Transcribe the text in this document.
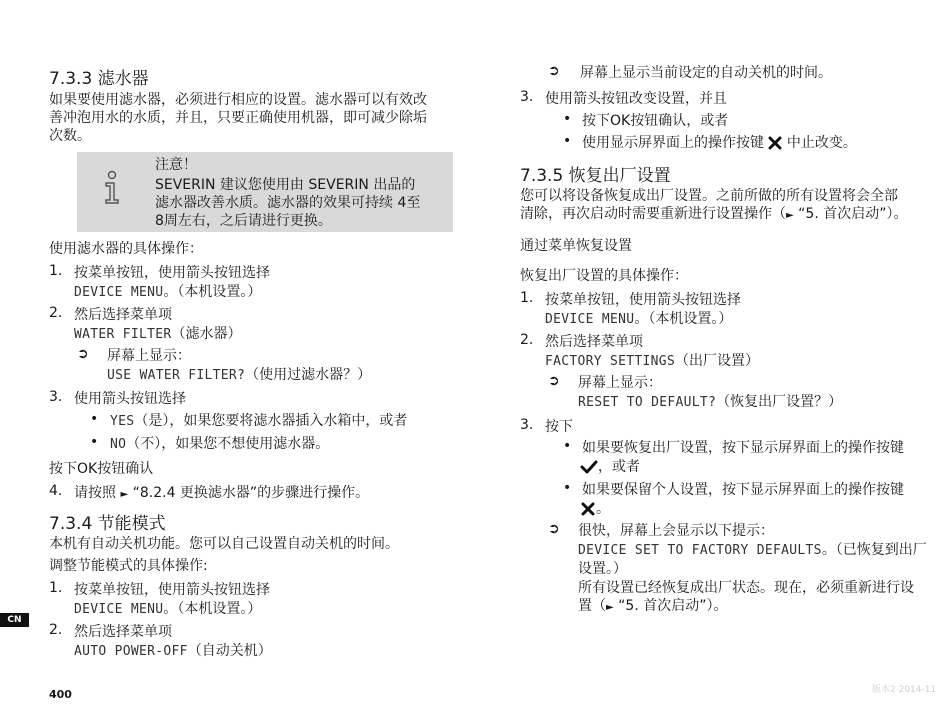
7.3.3 滤水器
如果要使用滤水器，必须进行相应的设置。滤水器可以有效改
善冲泡用水的水质，并且，只要正确使用机器，即可减少除垢
次数。
注意！
SEVERIN 建议您使用由 SEVERIN 出品的
滤水器改善水质。滤水器的效果可持续 4至
8周左右，之后请进行更换。
使用滤水器的具体操作：
1. 按菜单按钮，使用箭头按钮选择
DEVICE MENU。（本机设置。）
2. 然后选择菜单项
WATER FILTER（滤水器）
➲ 屏幕上显示：
USE WATER FILTER?（使用过滤水器？）
3. 使用箭头按钮选择
• YES（是），如果您要将滤水器插入水箱中，或者
• NO（不），如果您不想使用滤水器。
按下OK按钮确认
4. 请按照 ► “8.2.4 更换滤水器”的步骤进行操作。
7.3.4 节能模式
本机有自动关机功能。您可以自己设置自动关机的时间。
调整节能模式的具体操作:
1. 按菜单按钮，使用箭头按钮选择
DEVICE MENU。（本机设置。）
2. 然后选择菜单项
AUTO POWER-OFF（自动关机）
➲ 屏幕上显示当前设定的自动关机的时间。
3. 使用箭头按钮改变设置，并且
• 按下OK按钮确认，或者
• 使用显示屏界面上的操作按键 中止改变。
7.3.5 恢复出厂设置
您可以将设备恢复成出厂设置。之前所做的所有设置将会全部
清除，再次启动时需要重新进行设置操作（► “5. 首次启动”）。
通过菜单恢复设置
恢复出厂设置的具体操作：
1. 按菜单按钮，使用箭头按钮选择
DEVICE MENU。（本机设置。）
2. 然后选择菜单项
FACTORY SETTINGS（出厂设置）
➲ 屏幕上显示：
RESET TO DEFAULT?（恢复出厂设置？）
3. 按下
• 如果要恢复出厂设置，按下显示屏界面上的操作按键
，或者
• 如果要保留个人设置，按下显示屏界面上的操作按键
。
➲ 很快，屏幕上会显示以下提示：
DEVICE SET TO FACTORY DEFAULTS。（已恢复到出厂
设置。）
所有设置已经恢复成出厂状态。现在，必须重新进行设
置（► “5. 首次启动”）。
CN
400	版本2 2014-11
